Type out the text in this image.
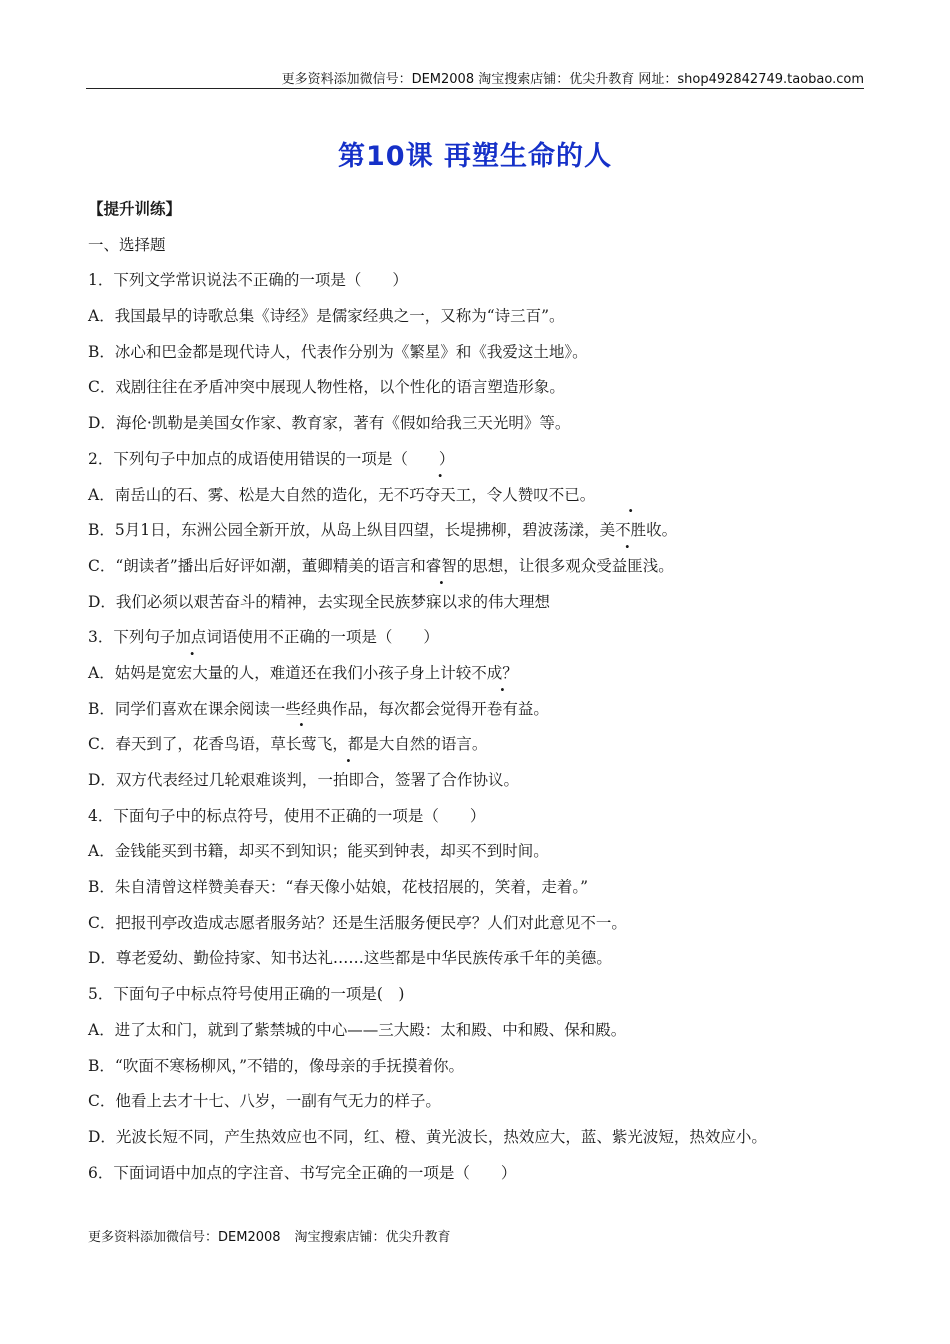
更多资料添加微信号：DEM2008 淘宝搜索店铺：优尖升教育 网址：shop492842749.taobao.com
第10课 再塑生命的人
【提升训练】
一、选择题
1．下列文学常识说法不正确的一项是（　　）
A．我国最早的诗歌总集《诗经》是儒家经典之一，又称为“诗三百”。
B．冰心和巴金都是现代诗人，代表作分别为《繁星》和《我爱这土地》。
C．戏剧往往在矛盾冲突中展现人物性格，以个性化的语言塑造形象。
D．海伦·凯勒是美国女作家、教育家，著有《假如给我三天光明》等。
2．下列句子中加点的成语使用错误的一项是（　　）
A．南岳山的石、雾、松是大自然的造化，无不巧夺天工，令人赞叹不已。
B．5月1日，东洲公园全新开放，从岛上纵目四望，长堤拂柳，碧波荡漾，美不胜收。
C．“朗读者”播出后好评如潮，董卿精美的语言和睿智的思想，让很多观众受益匪浅。
D．我们必须以艰苦奋斗的精神，去实现全民族梦寐以求的伟大理想
3．下列句子加点词语使用不正确的一项是（　　）
A．姑妈是宽宏大量的人，难道还在我们小孩子身上计较不成？
B．同学们喜欢在课余阅读一些经典作品，每次都会觉得开卷有益。
C．春天到了，花香鸟语，草长莺飞，都是大自然的语言。
D．双方代表经过几轮艰难谈判，一拍即合，签署了合作协议。
4．下面句子中的标点符号，使用不正确的一项是（　　）
A．金钱能买到书籍，却买不到知识；能买到钟表，却买不到时间。
B．朱自清曾这样赞美春天：“春天像小姑娘，花枝招展的，笑着，走着。”
C．把报刊亭改造成志愿者服务站？还是生活服务便民亭？人们对此意见不一。
D．尊老爱幼、勤俭持家、知书达礼……这些都是中华民族传承千年的美德。
5．下面句子中标点符号使用正确的一项是(　)
A．进了太和门，就到了紫禁城的中心——三大殿：太和殿、中和殿、保和殿。
B．“吹面不寒杨柳风，”不错的，像母亲的手抚摸着你。
C．他看上去才十七、八岁，一副有气无力的样子。
D．光波长短不同，产生热效应也不同，红、橙、黄光波长，热效应大，蓝、紫光波短，热效应小。
6．下面词语中加点的字注音、书写完全正确的一项是（　　）
更多资料添加微信号：DEM2008 淘宝搜索店铺：优尖升教育
